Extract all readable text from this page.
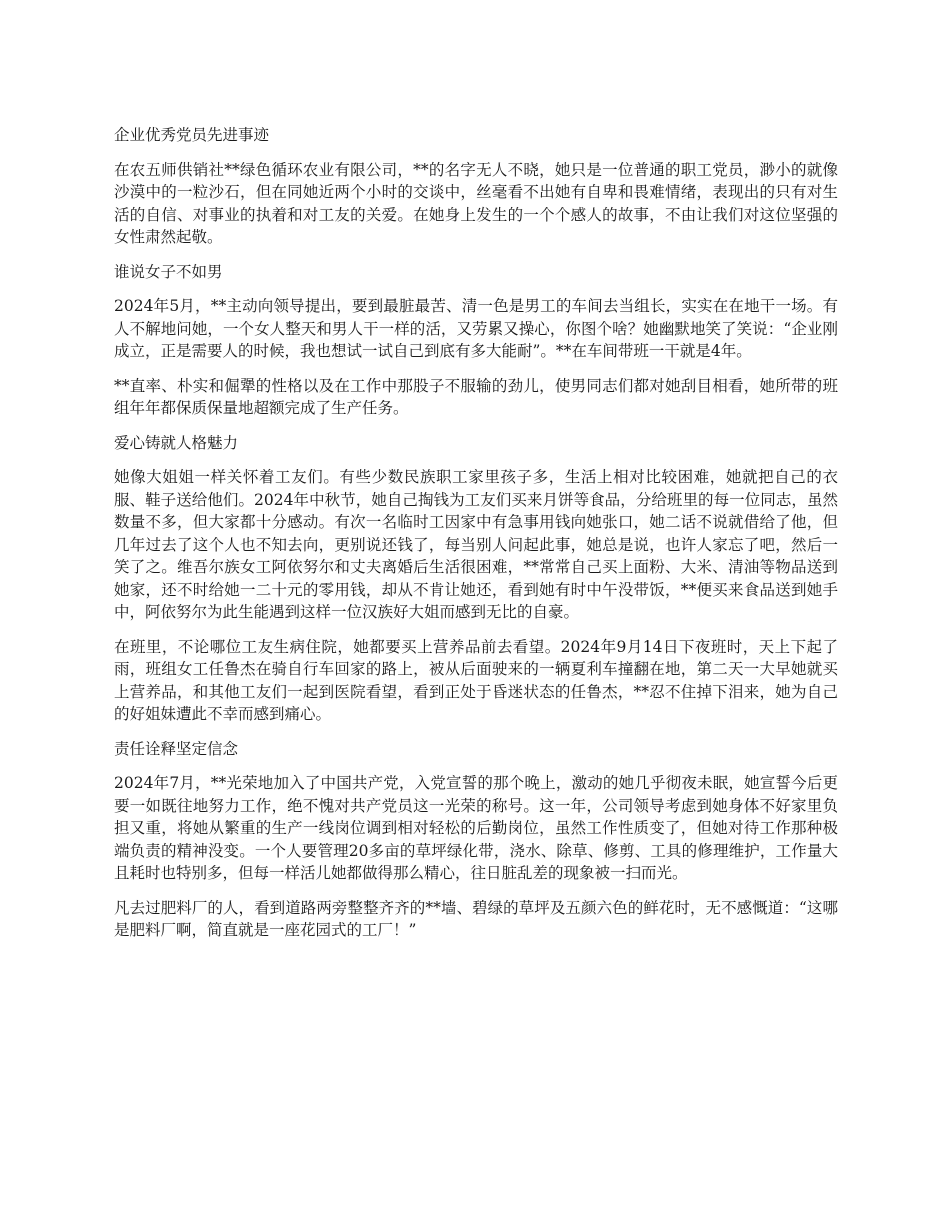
企业优秀党员先进事迹

在农五师供销社**绿色循环农业有限公司，**的名字无人不晓，她只是一位普通的职工党员，渺小的就像沙漠中的一粒沙石，但在同她近两个小时的交谈中，丝毫看不出她有自卑和畏难情绪，表现出的只有对生活的自信、对事业的执着和对工友的关爱。在她身上发生的一个个感人的故事，不由让我们对这位坚强的女性肃然起敬。

谁说女子不如男

2024年5月，**主动向领导提出，要到最脏最苦、清一色是男工的车间去当组长，实实在在地干一场。有人不解地问她，一个女人整天和男人干一样的活，又劳累又操心，你图个啥？她幽默地笑了笑说：“企业刚成立，正是需要人的时候，我也想试一试自己到底有多大能耐”。**在车间带班一干就是4年。

**直率、朴实和倔犟的性格以及在工作中那股子不服输的劲儿，使男同志们都对她刮目相看，她所带的班组年年都保质保量地超额完成了生产任务。

爱心铸就人格魅力

她像大姐姐一样关怀着工友们。有些少数民族职工家里孩子多，生活上相对比较困难，她就把自己的衣服、鞋子送给他们。2024年中秋节，她自己掏钱为工友们买来月饼等食品，分给班里的每一位同志，虽然数量不多，但大家都十分感动。有次一名临时工因家中有急事用钱向她张口，她二话不说就借给了他，但几年过去了这个人也不知去向，更别说还钱了，每当别人问起此事，她总是说，也许人家忘了吧，然后一笑了之。维吾尔族女工阿依努尔和丈夫离婚后生活很困难，**常常自己买上面粉、大米、清油等物品送到她家，还不时给她一二十元的零用钱，却从不肯让她还，看到她有时中午没带饭，**便买来食品送到她手中，阿依努尔为此生能遇到这样一位汉族好大姐而感到无比的自豪。

在班里，不论哪位工友生病住院，她都要买上营养品前去看望。2024年9月14日下夜班时，天上下起了雨，班组女工任鲁杰在骑自行车回家的路上，被从后面驶来的一辆夏利车撞翻在地，第二天一大早她就买上营养品，和其他工友们一起到医院看望，看到正处于昏迷状态的任鲁杰，**忍不住掉下泪来，她为自己的好姐妹遭此不幸而感到痛心。

责任诠释坚定信念

2024年7月，**光荣地加入了中国共产党，入党宣誓的那个晚上，激动的她几乎彻夜未眠，她宣誓今后更要一如既往地努力工作，绝不愧对共产党员这一光荣的称号。这一年，公司领导考虑到她身体不好家里负担又重，将她从繁重的生产一线岗位调到相对轻松的后勤岗位，虽然工作性质变了，但她对待工作那种极端负责的精神没变。一个人要管理20多亩的草坪绿化带，浇水、除草、修剪、工具的修理维护，工作量大且耗时也特别多，但每一样活儿她都做得那么精心，往日脏乱差的现象被一扫而光。

凡去过肥料厂的人，看到道路两旁整整齐齐的**墙、碧绿的草坪及五颜六色的鲜花时，无不感慨道：“这哪是肥料厂啊，简直就是一座花园式的工厂！”
